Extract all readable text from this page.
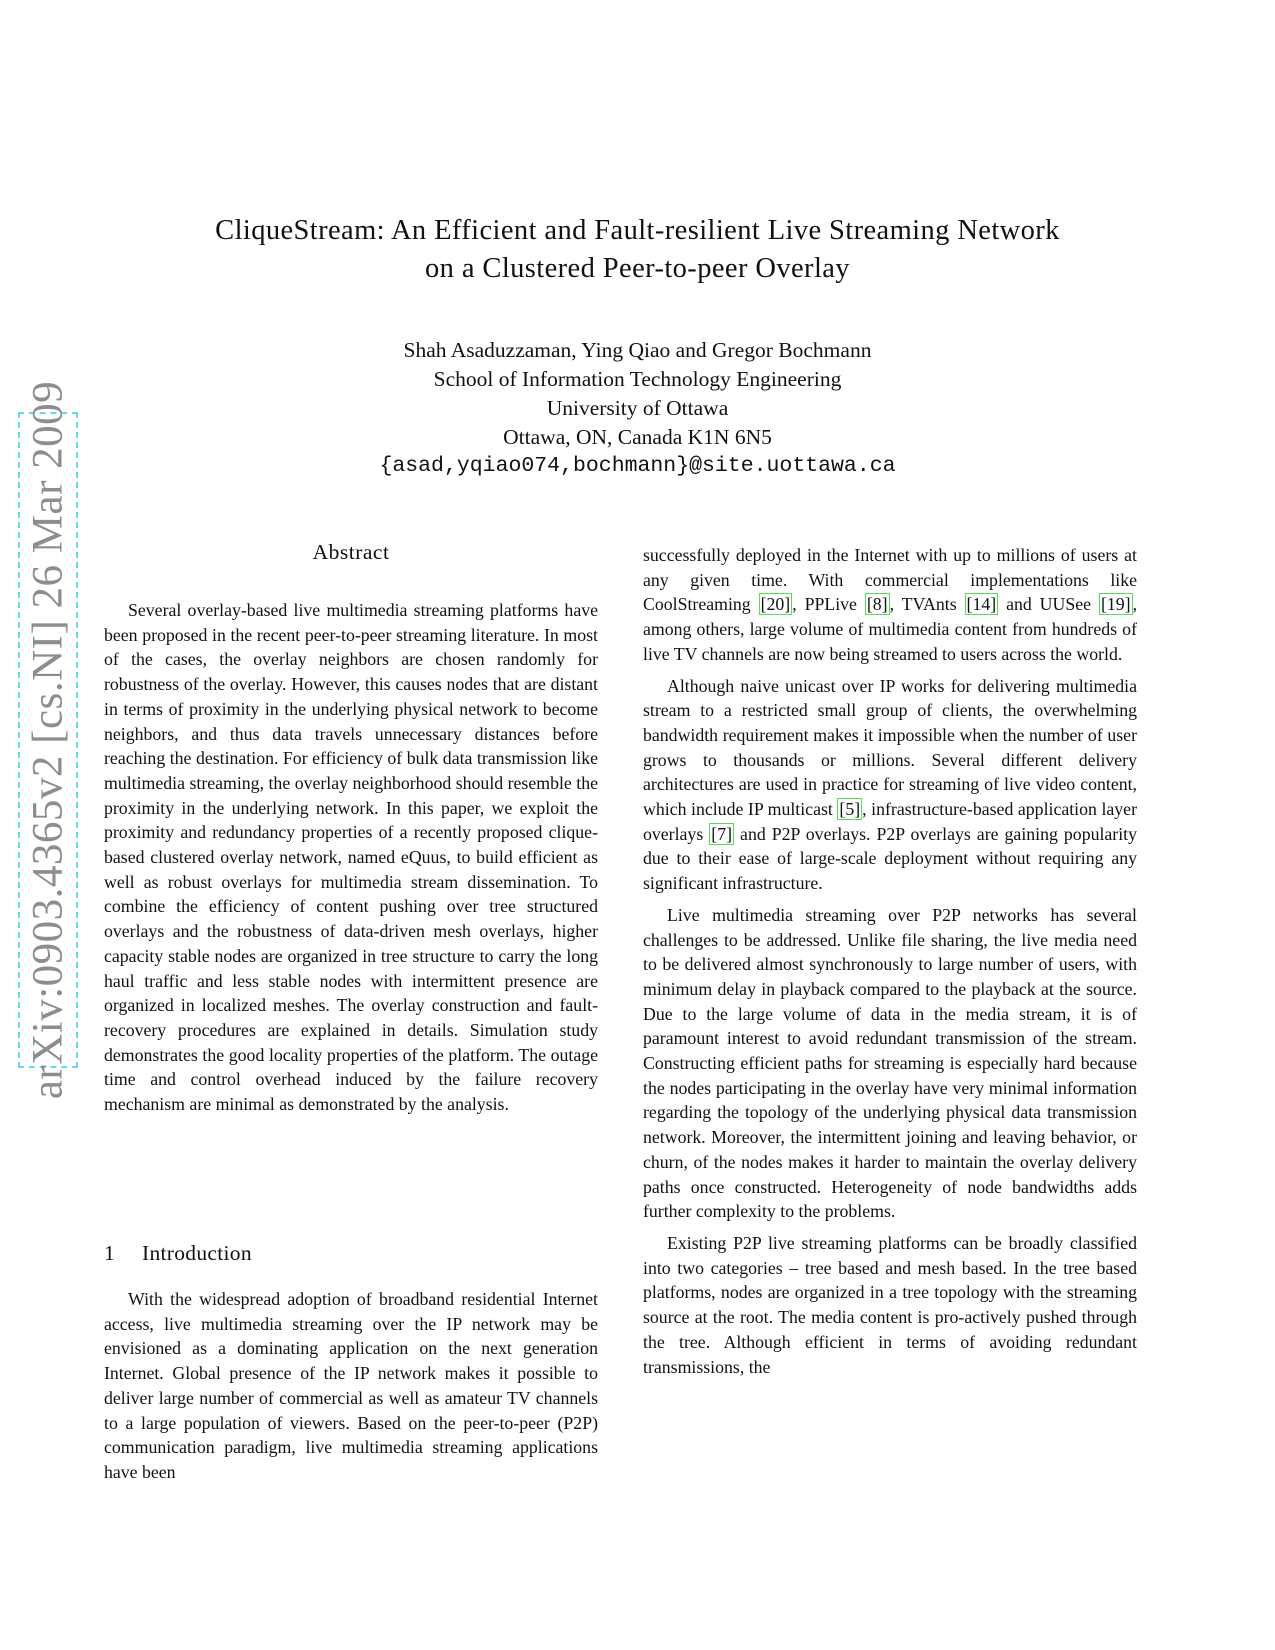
arXiv:0903.4365v2 [cs.NI] 26 Mar 2009
CliqueStream: An Efficient and Fault-resilient Live Streaming Network
on a Clustered Peer-to-peer Overlay
Shah Asaduzzaman, Ying Qiao and Gregor Bochmann
School of Information Technology Engineering
University of Ottawa
Ottawa, ON, Canada K1N 6N5
{asad,yqiao074,bochmann}@site.uottawa.ca
Abstract

Several overlay-based live multimedia streaming platforms have been proposed in the recent peer-to-peer streaming literature. In most of the cases, the overlay neighbors are chosen randomly for robustness of the overlay. However, this causes nodes that are distant in terms of proximity in the underlying physical network to become neighbors, and thus data travels unnecessary distances before reaching the destination. For efficiency of bulk data transmission like multimedia streaming, the overlay neighborhood should resemble the proximity in the underlying network. In this paper, we exploit the proximity and redundancy properties of a recently proposed clique-based clustered overlay network, named eQuus, to build efficient as well as robust overlays for multimedia stream dissemination. To combine the efficiency of content pushing over tree structured overlays and the robustness of data-driven mesh overlays, higher capacity stable nodes are organized in tree structure to carry the long haul traffic and less stable nodes with intermittent presence are organized in localized meshes. The overlay construction and fault-recovery procedures are explained in details. Simulation study demonstrates the good locality properties of the platform. The outage time and control overhead induced by the failure recovery mechanism are minimal as demonstrated by the analysis.

1 Introduction

With the widespread adoption of broadband residential Internet access, live multimedia streaming over the IP network may be envisioned as a dominating application on the next generation Internet. Global presence of the IP network makes it possible to deliver large number of commercial as well as amateur TV channels to a large population of viewers. Based on the peer-to-peer (P2P) communication paradigm, live multimedia streaming applications have been

successfully deployed in the Internet with up to millions of users at any given time. With commercial implementations like CoolStreaming [20] , PPLive [8] , TVAnts [14] and UUSee [19] , among others, large volume of multimedia content from hundreds of live TV channels are now being streamed to users across the world.

Although naive unicast over IP works for delivering multimedia stream to a restricted small group of clients, the overwhelming bandwidth requirement makes it impossible when the number of user grows to thousands or millions. Several different delivery architectures are used in practice for streaming of live video content, which include IP multicast [5] , infrastructure-based application layer overlays [7] and P2P overlays. P2P overlays are gaining popularity due to their ease of large-scale deployment without requiring any significant infrastructure.

Live multimedia streaming over P2P networks has several challenges to be addressed. Unlike file sharing, the live media need to be delivered almost synchronously to large number of users, with minimum delay in playback compared to the playback at the source. Due to the large volume of data in the media stream, it is of paramount interest to avoid redundant transmission of the stream. Constructing efficient paths for streaming is especially hard because the nodes participating in the overlay have very minimal information regarding the topology of the underlying physical data transmission network. Moreover, the intermittent joining and leaving behavior, or churn, of the nodes makes it harder to maintain the overlay delivery paths once constructed. Heterogeneity of node bandwidths adds further complexity to the problems.

Existing P2P live streaming platforms can be broadly classified into two categories – tree based and mesh based. In the tree based platforms, nodes are organized in a tree topology with the streaming source at the root. The media content is pro-actively pushed through the tree. Although efficient in terms of avoiding redundant transmissions, the
